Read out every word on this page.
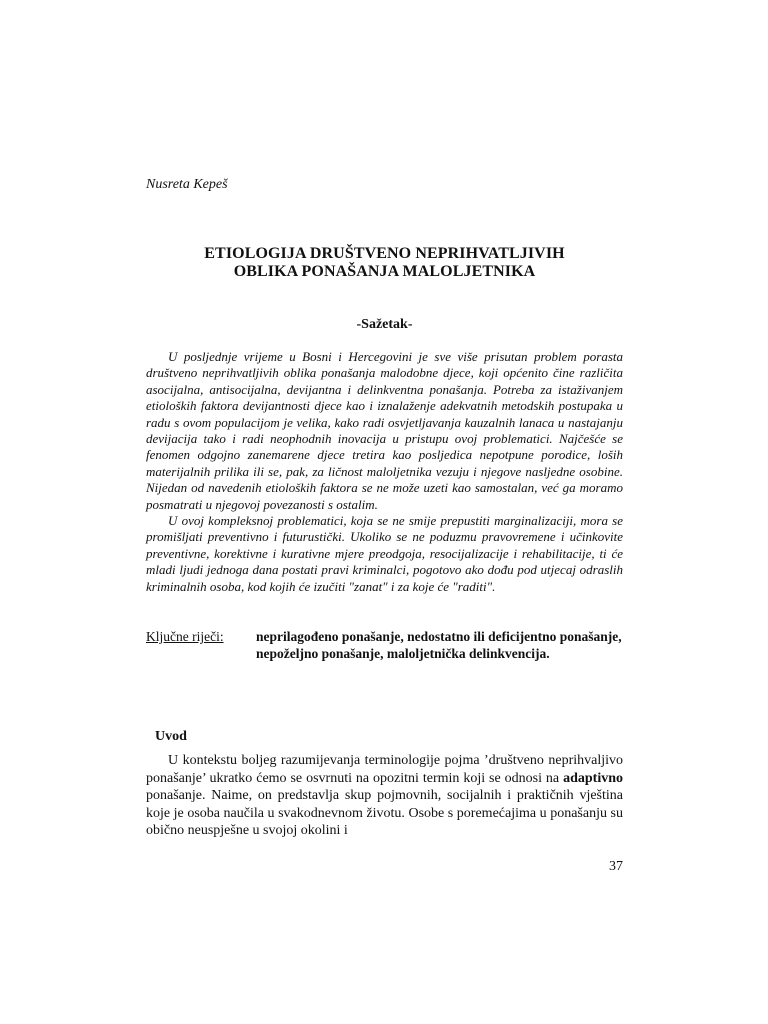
Nusreta Kepeš
ETIOLOGIJA DRUŠTVENO NEPRIHVATLJIVIH
OBLIKA PONAŠANJA MALOLJETNIKA
-Sažetak-

U posljednje vrijeme u Bosni i Hercegovini je sve više prisutan problem porasta društveno neprihvatljivih oblika ponašanja malodobne djece, koji općenito čine različita asocijalna, antisocijalna, devijantna i delinkventna ponašanja. Potreba za istaživanjem etioloških faktora devijantnosti djece kao i iznalaženje adekvatnih metodskih postupaka u radu s ovom populacijom je velika, kako radi osvjetljavanja kauzalnih lanaca u nastajanju devijacija tako i radi neophodnih inovacija u pristupu ovoj problematici. Najčešće se fenomen odgojno zanemarene djece tretira kao posljedica nepotpune porodice, loših materijalnih prilika ili se, pak, za ličnost maloljetnika vezuju i njegove nasljedne osobine. Nijedan od navedenih etioloških faktora se ne može uzeti kao samostalan, već ga moramo posmatrati u njegovoj povezanosti s ostalim.

U ovoj kompleksnoj problematici, koja se ne smije prepustiti marginalizaciji, mora se promišljati preventivno i futurustički. Ukoliko se ne poduzmu pravovremene i učinkovite preventivne, korektivne i kurativne mjere preodgoja, resocijalizacije i rehabilitacije, ti će mladi ljudi jednoga dana postati pravi kriminalci, pogotovo ako dođu pod utjecaj odraslih kriminalnih osoba, kod kojih će izučiti "zanat" i za koje će "raditi".

Ključne riječi:	neprilagođeno ponašanje, nedostatno ili deficijentno ponašanje, nepoželjno ponašanje, maloljetnička delinkvencija.
Uvod

U kontekstu boljeg razumijevanja terminologije pojma ’društveno neprihvaljivo ponašanje’ ukratko ćemo se osvrnuti na opozitni termin koji se odnosi na adaptivno ponašanje. Naime, on predstavlja skup pojmovnih, socijalnih i praktičnih vještina koje je osoba naučila u svakodnevnom životu. Osobe s poremećajima u ponašanju su obično neuspješne u svojoj okolini i

37
